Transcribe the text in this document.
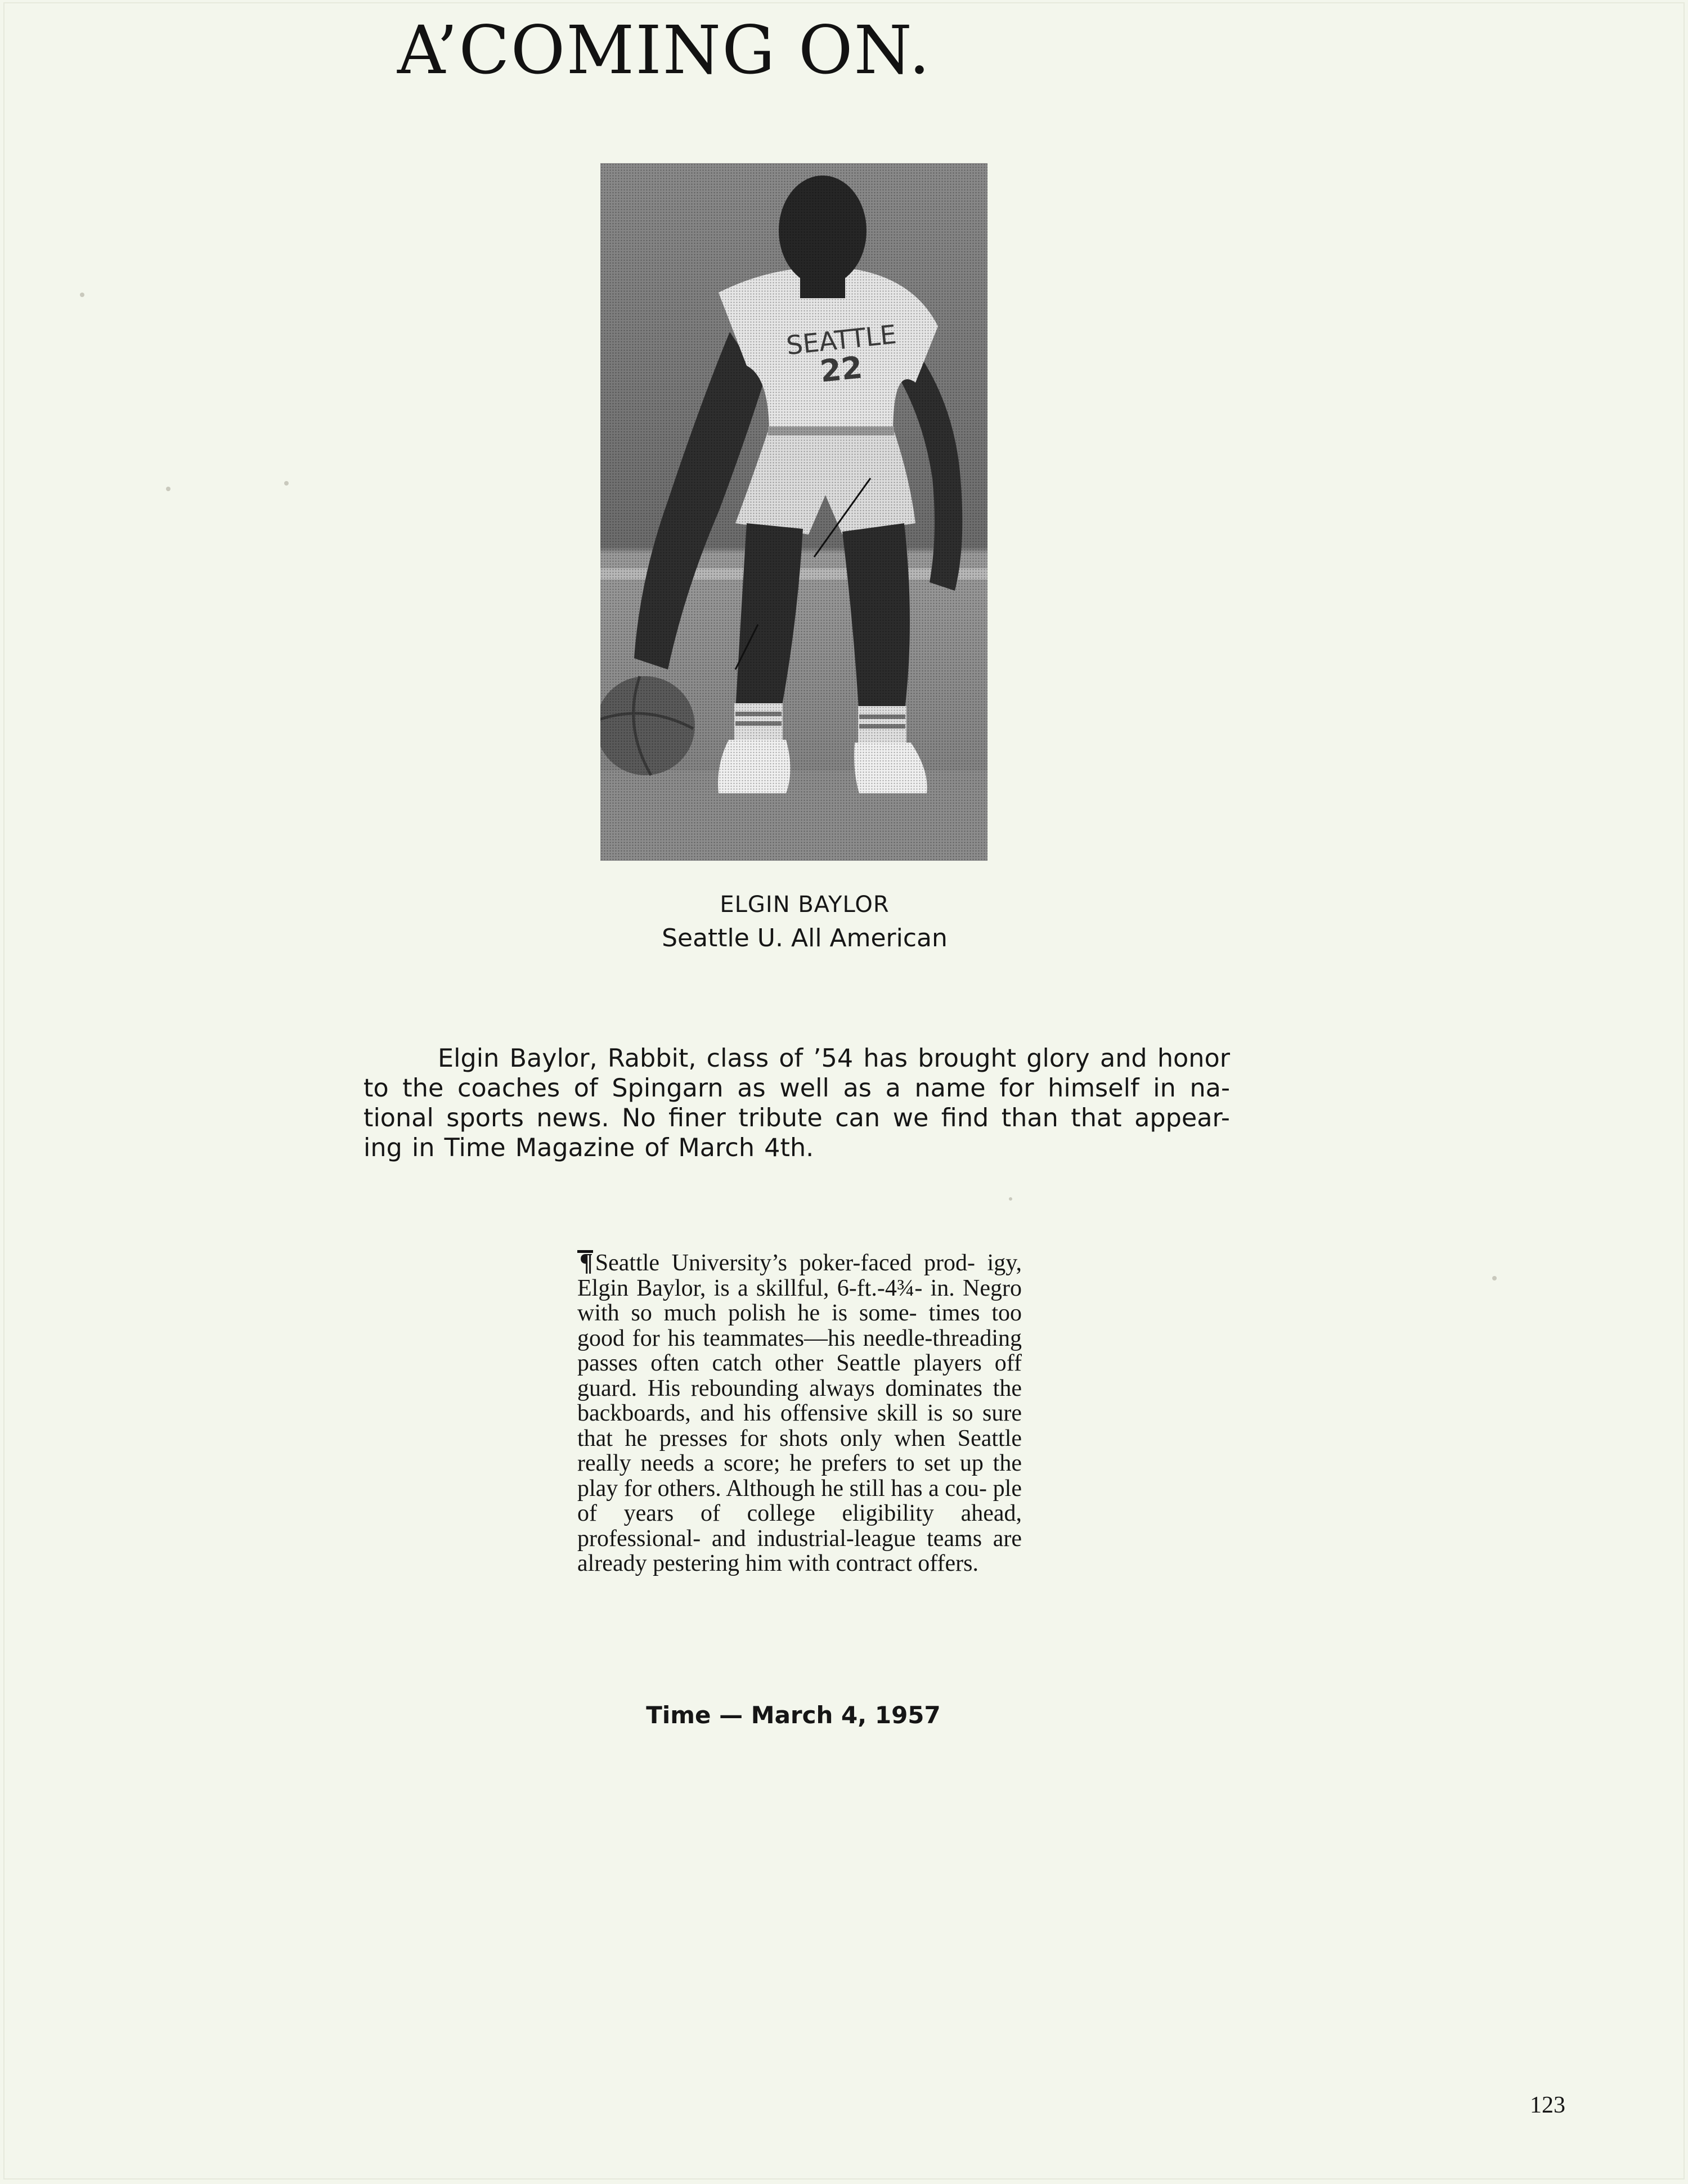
A’COMING ON.
ELGIN BAYLOR
Seattle U. All American

Elgin Baylor, Rabbit, class of ’54 has brought glory and honor to the coaches of Spingarn as well as a name for himself in na- tional sports news. No finer tribute can we find than that appear- ing in Time Magazine of March 4th.

¶Seattle University’s poker-faced prod- igy, Elgin Baylor, is a skillful, 6-ft.-4¾- in. Negro with so much polish he is some- times too good for his teammates—his needle-threading passes often catch other Seattle players off guard. His rebounding always dominates the backboards, and his offensive skill is so sure that he presses for shots only when Seattle really needs a score; he prefers to set up the play for others. Although he still has a cou- ple of years of college eligibility ahead, professional- and industrial-league teams are already pestering him with contract offers.

Time — March 4, 1957

123
